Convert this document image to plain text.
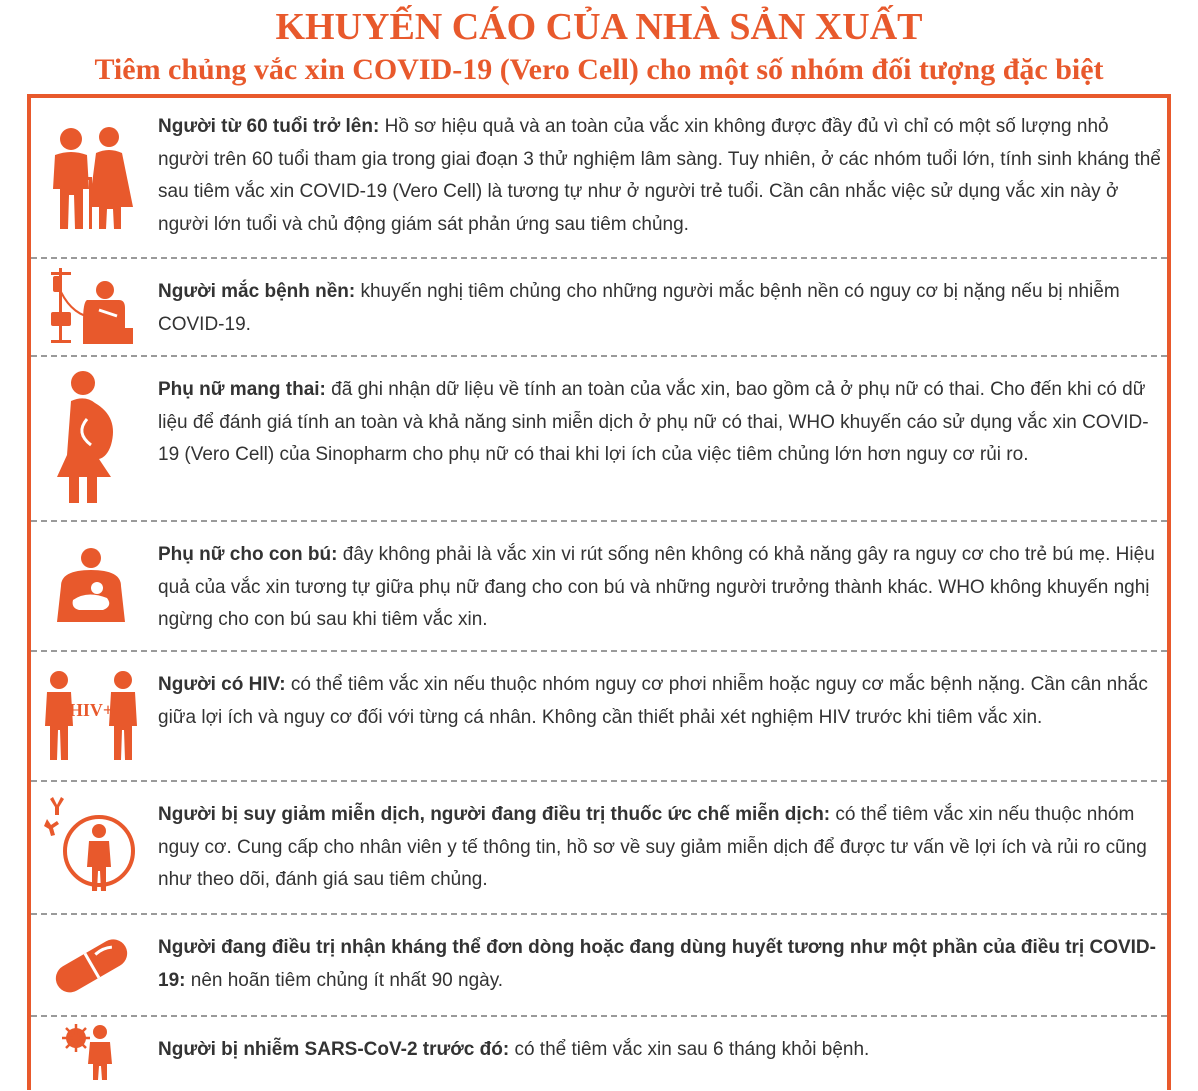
KHUYẾN CÁO CỦA NHÀ SẢN XUẤT
Tiêm chủng vắc xin COVID-19 (Vero Cell) cho một số nhóm đối tượng đặc biệt
Người từ 60 tuổi trở lên: Hồ sơ hiệu quả và an toàn của vắc xin không được đầy đủ vì chỉ có một số lượng nhỏ người trên 60 tuổi tham gia trong giai đoạn 3 thử nghiệm lâm sàng. Tuy nhiên, ở các nhóm tuổi lớn, tính sinh kháng thể sau tiêm vắc xin COVID-19 (Vero Cell) là tương tự như ở người trẻ tuổi. Cần cân nhắc việc sử dụng vắc xin này ở người lớn tuổi và chủ động giám sát phản ứng sau tiêm chủng.
Người mắc bệnh nền: khuyến nghị tiêm chủng cho những người mắc bệnh nền có nguy cơ bị nặng nếu bị nhiễm COVID-19.
Phụ nữ mang thai: đã ghi nhận dữ liệu về tính an toàn của vắc xin, bao gồm cả ở phụ nữ có thai. Cho đến khi có dữ liệu để đánh giá tính an toàn và khả năng sinh miễn dịch ở phụ nữ có thai, WHO khuyến cáo sử dụng vắc xin COVID-19 (Vero Cell) của Sinopharm cho phụ nữ có thai khi lợi ích của việc tiêm chủng lớn hơn nguy cơ rủi ro.
Phụ nữ cho con bú: đây không phải là vắc xin vi rút sống nên không có khả năng gây ra nguy cơ cho trẻ bú mẹ. Hiệu quả của vắc xin tương tự giữa phụ nữ đang cho con bú và những người trưởng thành khác. WHO không khuyến nghị ngừng cho con bú sau khi tiêm vắc xin.
HIV+
Người có HIV: có thể tiêm vắc xin nếu thuộc nhóm nguy cơ phơi nhiễm hoặc nguy cơ mắc bệnh nặng. Cần cân nhắc giữa lợi ích và nguy cơ đối với từng cá nhân. Không cần thiết phải xét nghiệm HIV trước khi tiêm vắc xin.
Người bị suy giảm miễn dịch, người đang điều trị thuốc ức chế miễn dịch: có thể tiêm vắc xin nếu thuộc nhóm nguy cơ. Cung cấp cho nhân viên y tế thông tin, hồ sơ về suy giảm miễn dịch để được tư vấn về lợi ích và rủi ro cũng như theo dõi, đánh giá sau tiêm chủng.
Người đang điều trị nhận kháng thể đơn dòng hoặc đang dùng huyết tương như một phần của điều trị COVID-19: nên hoãn tiêm chủng ít nhất 90 ngày.
Người bị nhiễm SARS-CoV-2 trước đó: có thể tiêm vắc xin sau 6 tháng khỏi bệnh.
